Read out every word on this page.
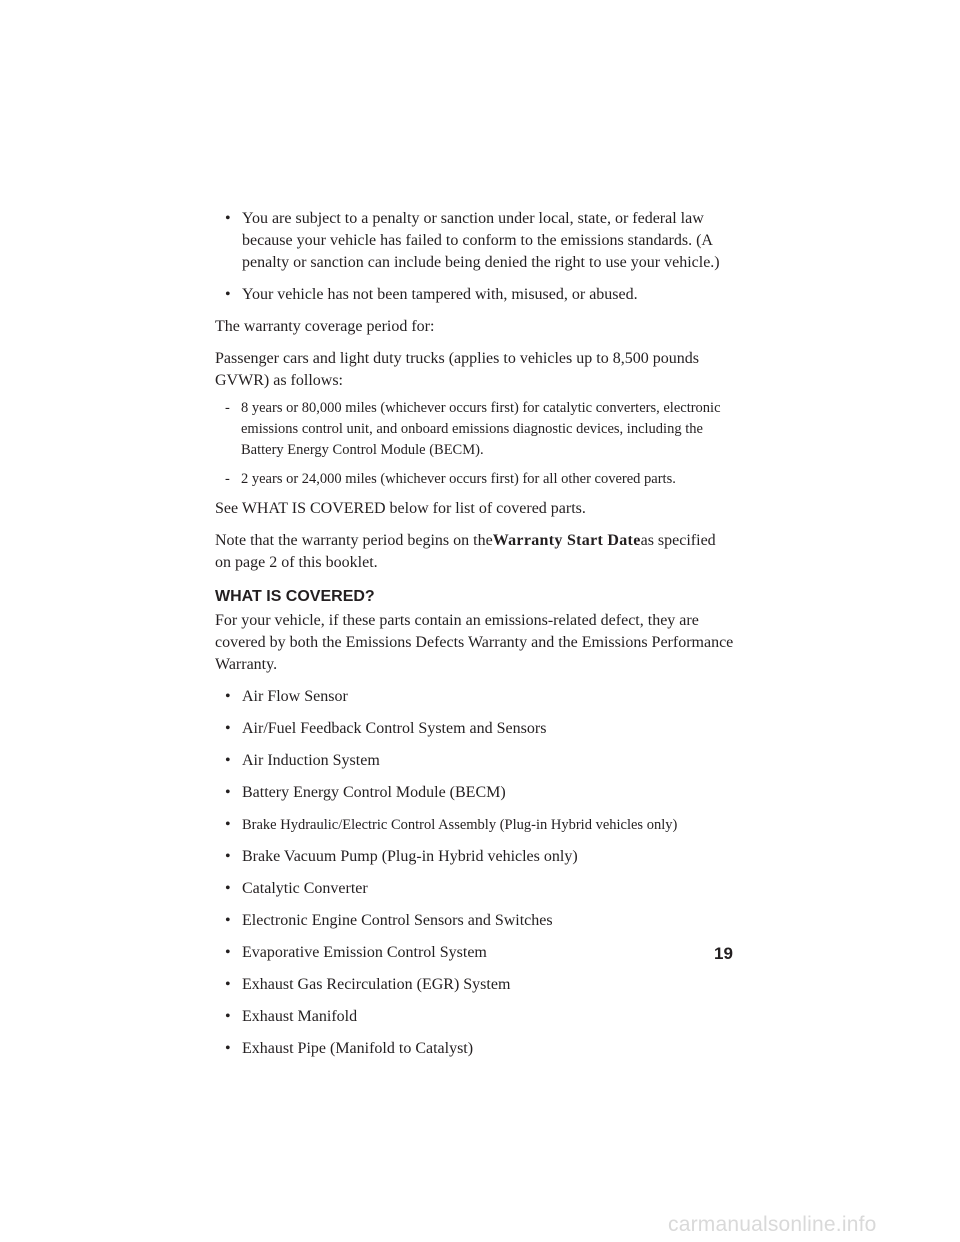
• You are subject to a penalty or sanction under local, state, or federal law because your vehicle has failed to conform to the emissions standards. (A penalty or sanction can include being denied the right to use your vehicle.)
• Your vehicle has not been tampered with, misused, or abused.

The warranty coverage period for:

Passenger cars and light duty trucks (applies to vehicles up to 8,500 pounds GVWR) as follows:

- 8 years or 80,000 miles (whichever occurs first) for catalytic converters, electronic emissions control unit, and onboard emissions diagnostic devices, including the Battery Energy Control Module (BECM).
- 2 years or 24,000 miles (whichever occurs first) for all other covered parts.

See WHAT IS COVERED below for list of covered parts.

Note that the warranty period begins on theWarranty Start Dateas specified on page 2 of this booklet.

WHAT IS COVERED?

For your vehicle, if these parts contain an emissions-related defect, they are covered by both the Emissions Defects Warranty and the Emissions Performance Warranty.

• Air Flow Sensor
• Air/Fuel Feedback Control System and Sensors
• Air Induction System
• Battery Energy Control Module (BECM)
• Brake Hydraulic/Electric Control Assembly (Plug-in Hybrid vehicles only)
• Brake Vacuum Pump (Plug-in Hybrid vehicles only)
• Catalytic Converter
• Electronic Engine Control Sensors and Switches
• Evaporative Emission Control System
• Exhaust Gas Recirculation (EGR) System
• Exhaust Manifold
• Exhaust Pipe (Manifold to Catalyst)
19
carmanualsonline.info
